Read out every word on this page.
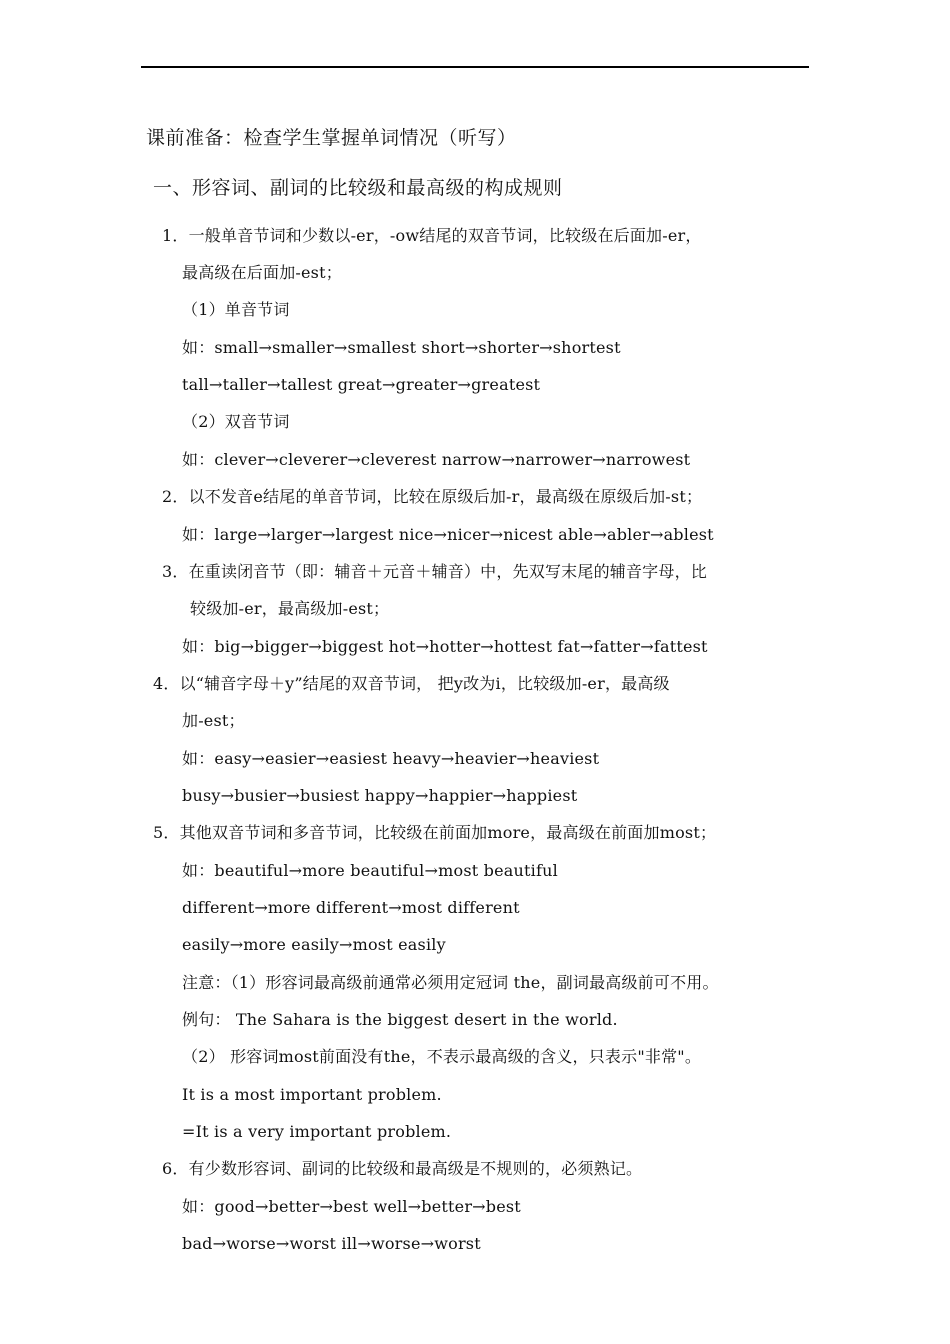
课前准备：检查学生掌握单词情况（听写）
一、形容词、副词的比较级和最高级的构成规则
1．一般单音节词和少数以-er，-ow结尾的双音节词，比较级在后面加-er，
最高级在后面加-est；
（1）单音节词
如：small→smaller→smallest short→shorter→shortest
tall→taller→tallest great→greater→greatest
（2）双音节词
如：clever→cleverer→cleverest narrow→narrower→narrowest
2．以不发音e结尾的单音节词，比较在原级后加-r，最高级在原级后加-st；
如：large→larger→largest nice→nicer→nicest able→abler→ablest
3．在重读闭音节（即：辅音＋元音＋辅音）中，先双写末尾的辅音字母，比
较级加-er，最高级加-est；
如：big→bigger→biggest hot→hotter→hottest fat→fatter→fattest
4．以“辅音字母＋y”结尾的双音节词， 把y改为i，比较级加-er，最高级
加-est；
如：easy→easier→easiest heavy→heavier→heaviest
busy→busier→busiest happy→happier→happiest
5．其他双音节词和多音节词，比较级在前面加more，最高级在前面加most；
如：beautiful→more beautiful→most beautiful
different→more different→most different
easily→more easily→most easily
注意：（1）形容词最高级前通常必须用定冠词 the，副词最高级前可不用。
例句： The Sahara is the biggest desert in the world.
（2） 形容词most前面没有the，不表示最高级的含义，只表示"非常"。
It is a most important problem.
=It is a very important problem.
6．有少数形容词、副词的比较级和最高级是不规则的，必须熟记。
如：good→better→best well→better→best
bad→worse→worst ill→worse→worst
